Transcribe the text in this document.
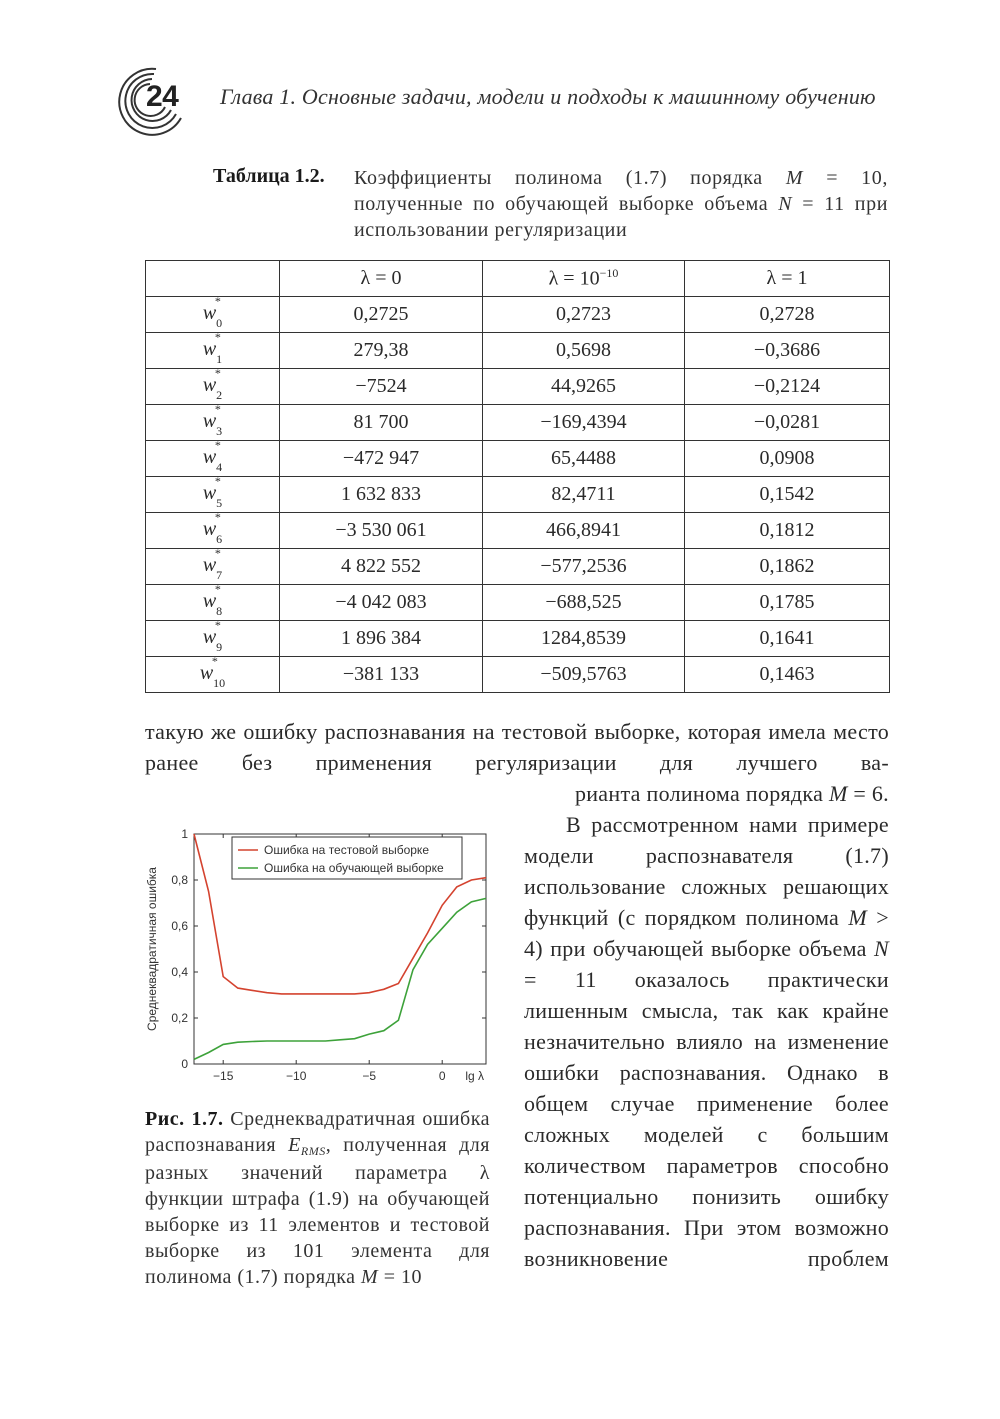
24 Глава 1. Основные задачи, модели и подходы к машинному обучению
Таблица 1.2. Коэффициенты полинома (1.7) порядка M = 10, полученные по обучающей выборке объема N = 11 при использовании регуляризации
	λ = 0	$\lambda = 10^{-10}$	λ = 1
w
*
$_0$	0,2725	0,2723	0,2728
w
*
$_1$	279,38	0,5698	−0,3686
w
*
$_2$	−7524	44,9265	−0,2124
w
*
$_3$	81 700	−169,4394	−0,0281
w
*
$_4$	−472 947	65,4488	0,0908
w
*
$_5$	1 632 833	82,4711	0,1542
w
*
$_6$	−3 530 061	466,8941	0,1812
w
*
$_7$	4 822 552	−577,2536	0,1862
w
*
$_8$	−4 042 083	−688,525	0,1785
w
*
$_9$	1 896 384	1284,8539	0,1641
w
*
$_{10}$	−381 133	−509,5763	0,1463
такую же ошибку распознавания на тестовой выборке, которая имела место ранее без применения регуляризации для лучшего ва-
рианта полинома порядка M = 6.
В рассмотренном нами примере модели распознавателя (1.7) использование сложных решающих функций (с порядком полинома M > 4) при обучающей выборке объема N = 11 оказалось практически лишенным смысла, так как крайне незначительно влияло на изменение ошибки распознавания. Однако в общем случае применение более сложных моделей с большим количеством параметров способно потенциально понизить ошибку распознавания. При этом возможно возникновение проблем
0
0,2
0,4
0,6
0,8
1
−15	−10	−5	0 lg λ
Среднеквадратичная ошибка
Ошибка на тестовой выборке
Ошибка на обучающей выборке
Рис. 1.7. Среднеквадратичная ошибка распознавания $E_{RMS}$, полученная для разных значений параметра λ функции штрафа (1.9) на обучающей выборке из 11 элементов и тестовой выборке из 101 элемента для полинома (1.7) порядка M = 10
